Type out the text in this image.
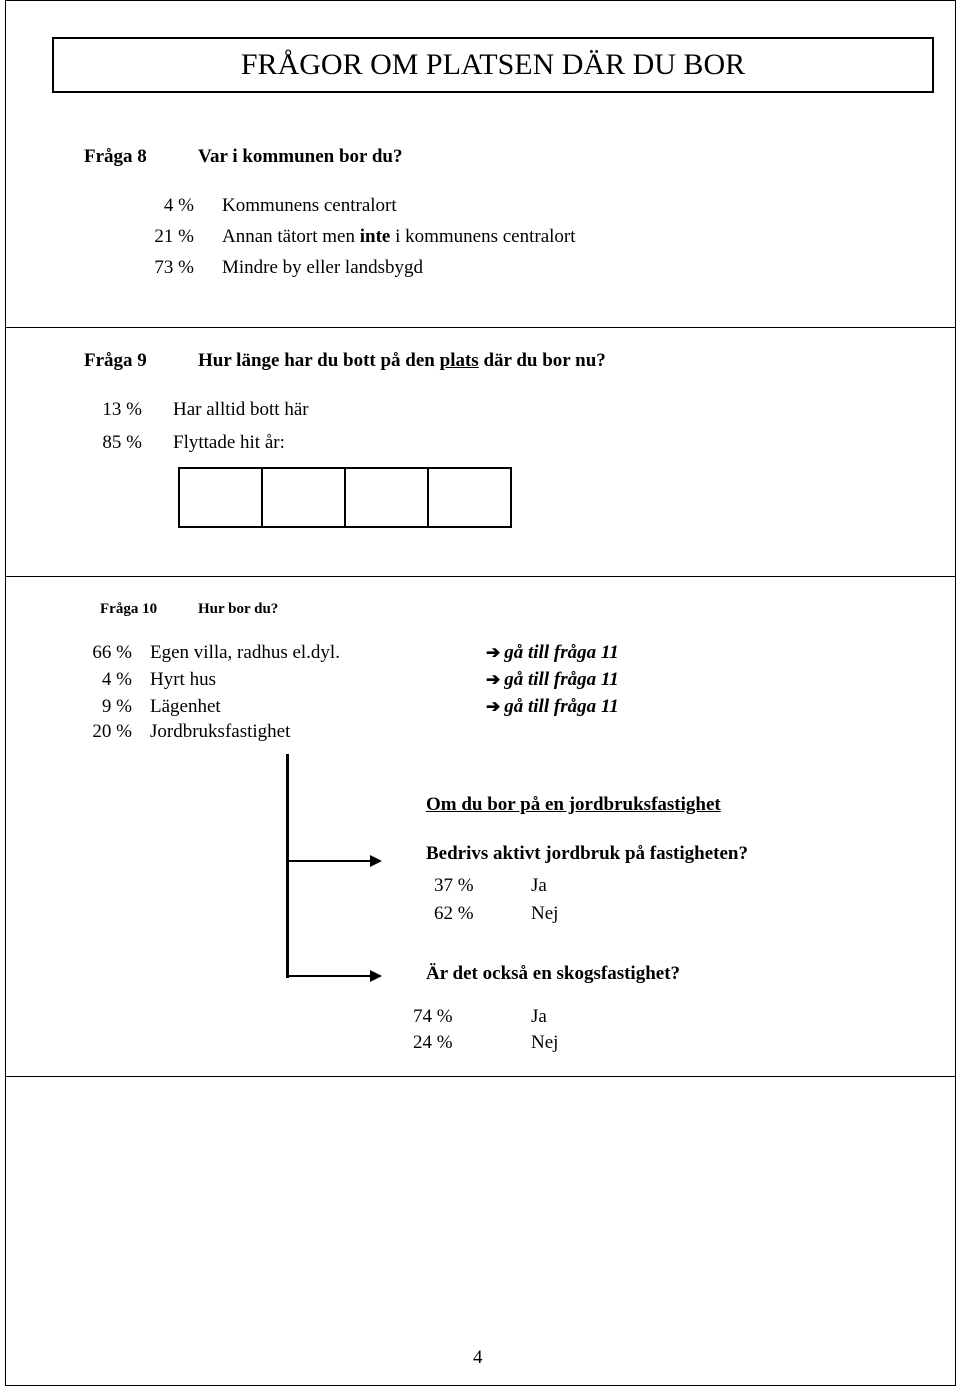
FRÅGOR OM PLATSEN DÄR DU BOR
Fråga 8	Var i kommunen bor du?
4 % Kommunens centralort
21 % Annan tätort men inte i kommunens centralort
73 % Mindre by eller landsbygd
Fråga 9	Hur länge har du bott på den plats där du bor nu?
13 % Har alltid bott här
85 % Flyttade hit år:
Fråga 10	Hur bor du?
66 % Egen villa, radhus el.dyl.	➔ gå till fråga 11
4 % Hyrt hus	➔ gå till fråga 11
9 % Lägenhet	➔ gå till fråga 11
20 % Jordbruksfastighet
Om du bor på en jordbruksfastighet
Bedrivs aktivt jordbruk på fastigheten?
37 %	Ja
62 %	Nej
Är det också en skogsfastighet?
74 %	Ja
24 %	Nej
4
